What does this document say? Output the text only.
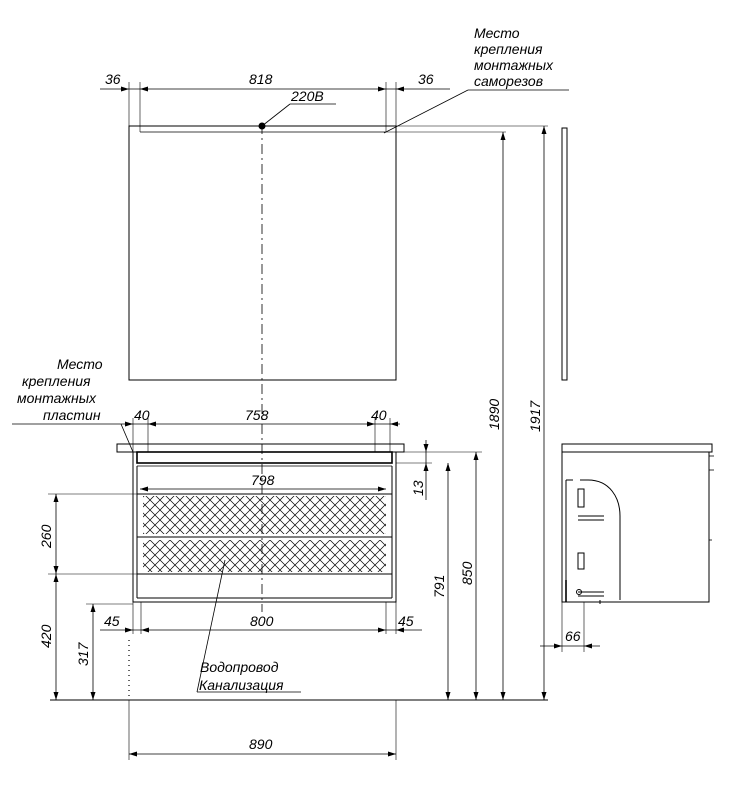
36	818	36
220В
Место
крепления
монтажных
саморезов
40	758	40
Место
крепления
монтажных
пластин
798
45	800	45
890
Водопровод
Канализация
260
420
317
13
791
850
1890 1917
66
